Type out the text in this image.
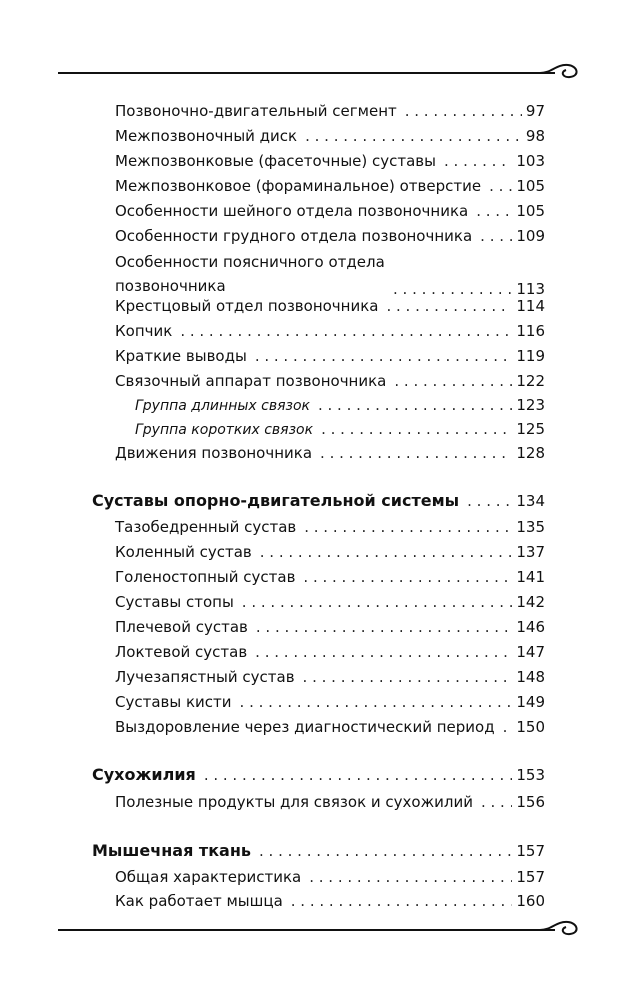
Позвоночно-двигательный сегмент . . .	97
Межпозвоночный диск . . .	98
Межпозвонковые (фасеточные) суставы . . .	103
Межпозвонковое (фораминальное) отверстие . . . 105
Особенности шейного отдела позвоночника . . .	105
Особенности грудного отдела позвоночника . . .	109
Особенности поясничного отдела позвоночника . . .	113
Крестцовый отдел позвоночника . . .	114
Копчик . . .	116
Краткие выводы . . .	119
Связочный аппарат позвоночника . . .	122
Группа длинных связок . . .	123
Группа коротких связок . . .	125
Движения позвоночника . . .	128
Суставы опорно-двигательной системы . . .	134
Тазобедренный сустав . . .	135
Коленный сустав . . .	137
Голеностопный сустав . . .	141
Суставы стопы . . .	142
Плечевой сустав . . .	146
Локтевой сустав . . .	147
Лучезапястный сустав . . .	148
Суставы кисти . . .	149
Выздоровление через диагностический период . . . 150
Сухожилия . . .	153
Полезные продукты для связок и сухожилий . . .	156
Мышечная ткань . . .	157
Общая характеристика . . .	157
Как работает мышца . . .	160
